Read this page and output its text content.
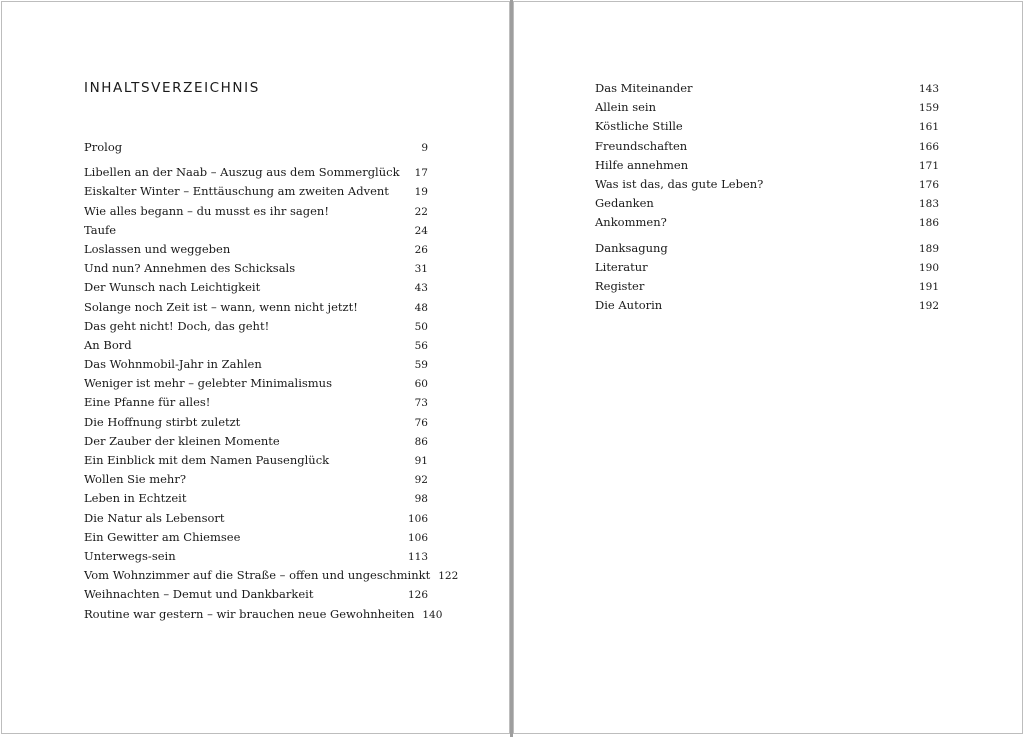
INHALTSVERZEICHNIS
Prolog	9
Libellen an der Naab – Auszug aus dem Sommerglück	17
Eiskalter Winter – Enttäuschung am zweiten Advent	19
Wie alles begann – du musst es ihr sagen!	22
Taufe	24
Loslassen und weggeben	26
Und nun? Annehmen des Schicksals	31
Der Wunsch nach Leichtigkeit	43
Solange noch Zeit ist – wann, wenn nicht jetzt!	48
Das geht nicht! Doch, das geht!	50
An Bord	56
Das Wohnmobil-Jahr in Zahlen	59
Weniger ist mehr – gelebter Minimalismus	60
Eine Pfanne für alles!	73
Die Hoffnung stirbt zuletzt	76
Der Zauber der kleinen Momente	86
Ein Einblick mit dem Namen Pausenglück	91
Wollen Sie mehr?	92
Leben in Echtzeit	98
Die Natur als Lebensort	106
Ein Gewitter am Chiemsee	106
Unterwegs-sein	113
Vom Wohnzimmer auf die Straße – offen und ungeschminkt 122
Weihnachten – Demut und Dankbarkeit	126
Routine war gestern – wir brauchen neue Gewohnheiten 140
Das Miteinander	143
Allein sein	159
Köstliche Stille	161
Freundschaften	166
Hilfe annehmen	171
Was ist das, das gute Leben?	176
Gedanken	183
Ankommen?	186
Danksagung	189
Literatur	190
Register	191
Die Autorin	192
